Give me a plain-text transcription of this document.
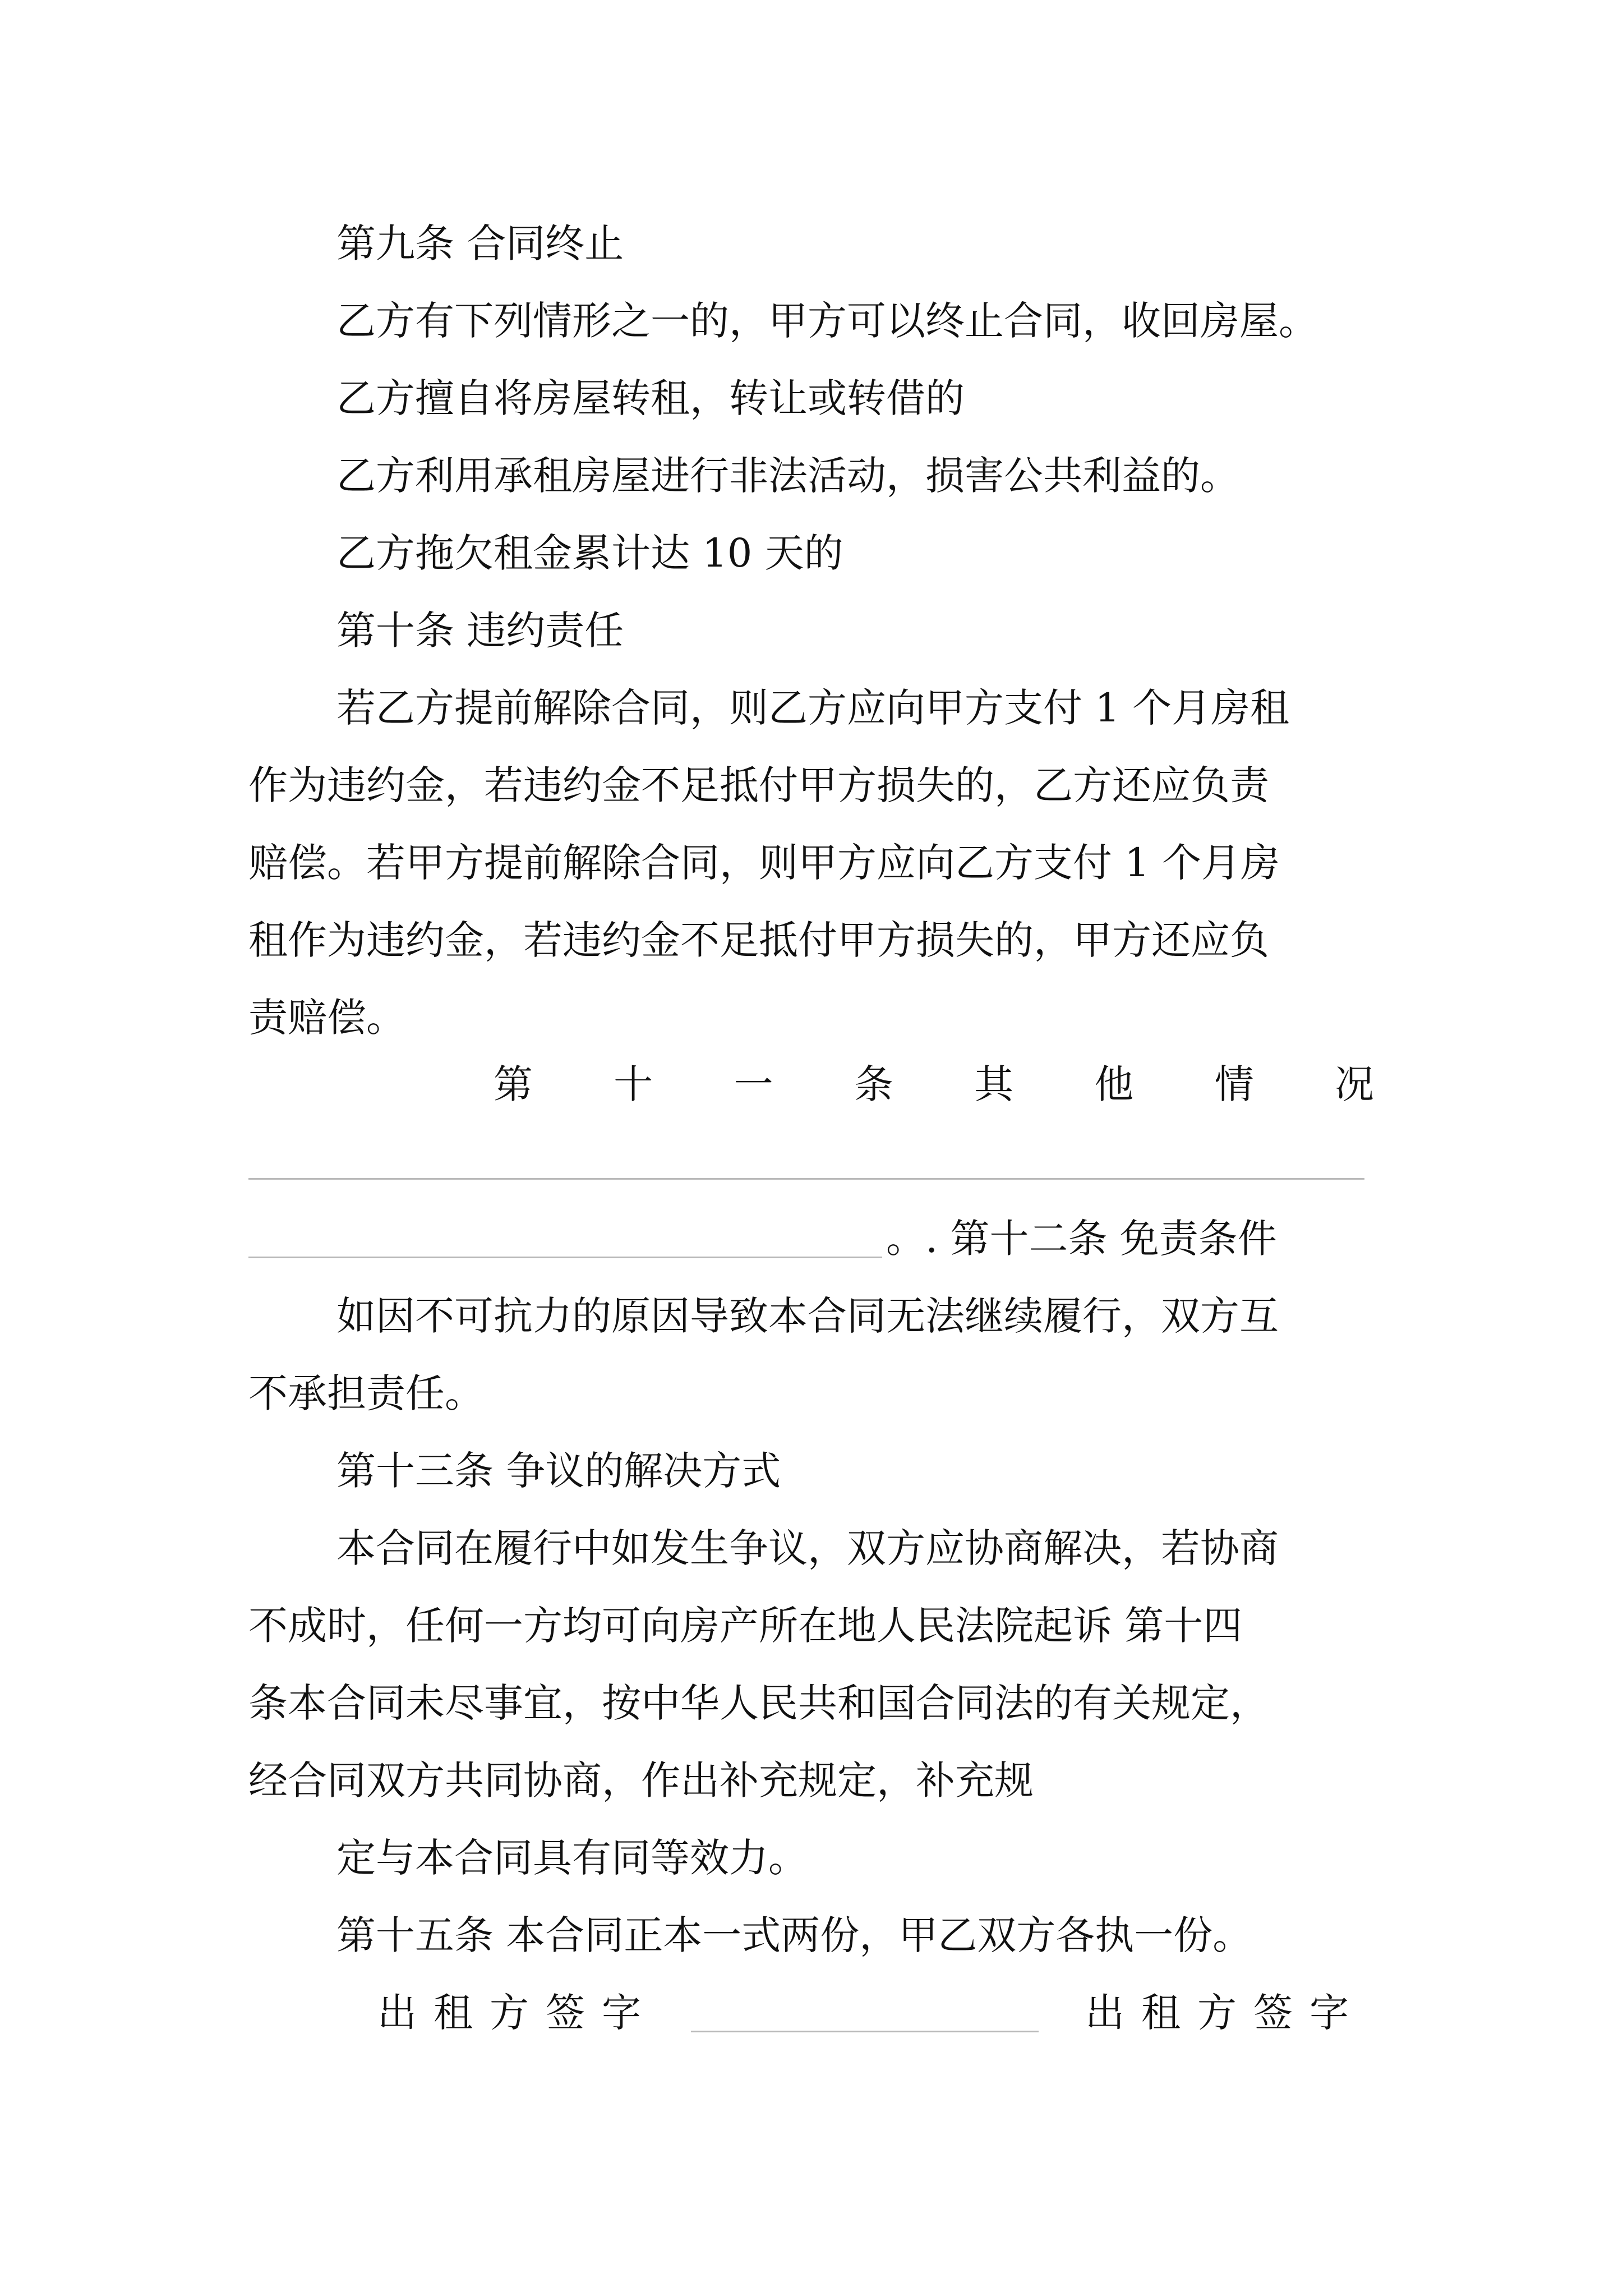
第九条 合同终止
乙方有下列情形之一的，甲方可以终止合同，收回房屋。
乙方擅自将房屋转租，转让或转借的
乙方利用承租房屋进行非法活动，损害公共利益的。
乙方拖欠租金累计达 10 天的
第十条 违约责任
若乙方提前解除合同，则乙方应向甲方支付 1 个月房租
作为违约金，若违约金不足抵付甲方损失的，乙方还应负责
赔偿。若甲方提前解除合同，则甲方应向乙方支付 1 个月房
租作为违约金，若违约金不足抵付甲方损失的，甲方还应负
责赔偿。
第 十 一 条 其 他 情 况
。. 第十二条 免责条件
如因不可抗力的原因导致本合同无法继续履行，双方互
不承担责任。
第十三条 争议的解决方式
本合同在履行中如发生争议，双方应协商解决，若协商
不成时，任何一方均可向房产所在地人民法院起诉 第十四
条本合同未尽事宜，按中华人民共和国合同法的有关规定，
经合同双方共同协商，作出补充规定，补充规
定与本合同具有同等效力。
第十五条 本合同正本一式两份，甲乙双方各执一份。
出租方签字	出租方签字
